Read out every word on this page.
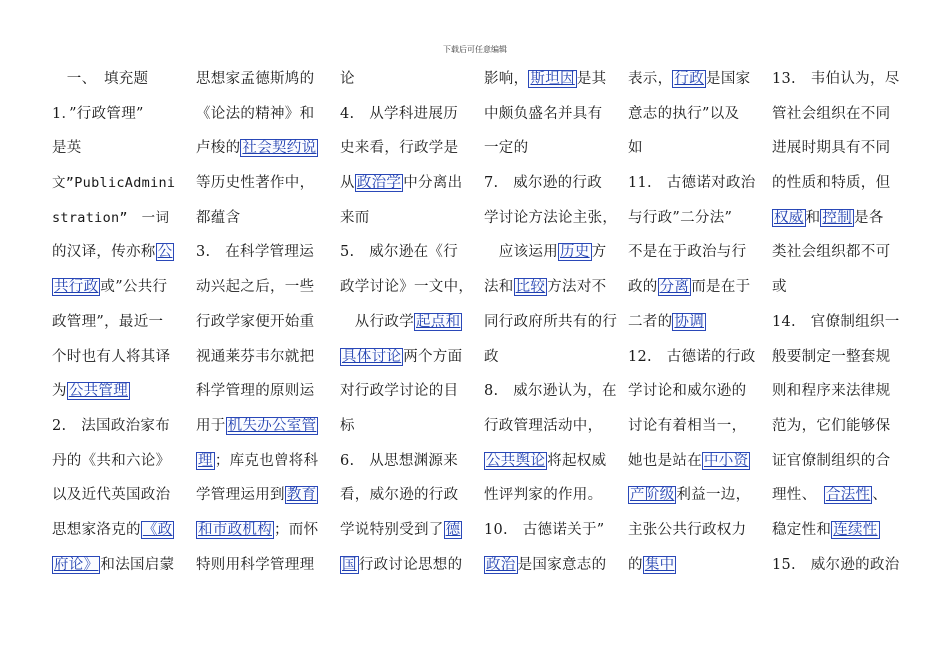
下载后可任意编辑
　一、　填充题
1．”行政管理”
是英
文”PublicAdmini
stration”　一词
的汉译，传亦称 公
共行政 或”公共行
政管理”，最近一
个时也有人将其译
为 公共管理
2.　法国政治家布
丹的《共和六论》
以及近代英国政治
思想家洛克的 《政
府论》 和法国启蒙
思想家孟德斯鸠的
《论法的精神》和
卢梭的 社会契约说
等历史性著作中，
都蕴含
3.　在科学管理运
动兴起之后，一些
行政学家便开始重
视通莱芬韦尔就把
科学管理的原则运
用于 机失办公室管
理 ；库克也曾将科
学管理运用到 教育
和市政机构 ；而怀
特则用科学管理理
论
4.　从学科进展历
史来看，行政学是
从 政治学 中分离出
来而
5.　威尔逊在《行
政学讨论》一文中，
　从行政学 起点和
具体讨论 两个方面
对行政学讨论的目
标
6.　从思想渊源来
看，威尔逊的行政
学说特别受到了 德
国 行政讨论思想的
影响， 斯坦因 是其
中颇负盛名并具有
一定的
7.　威尔逊的行政
学讨论方法论主张，
　应该运用 历史 方
法和 比较 方法对不
同行政府所共有的行
政
8.　威尔逊认为，在
行政管理活动中，
公共舆论 将起权威
性评判家的作用。
10.　古德诺关于”
政治 是国家意志的
表示， 行政 是国家
意志的执行”以及
如
11.　古德诺对政治
与行政”二分法”
不是在于政治与行
政的 分离 而是在于
二者的 协调
12.　古德诺的行政
学讨论和威尔逊的
讨论有着相当一，
她也是站在 中小资
产阶级 利益一边，
主张公共行政权力
的 集中
13.　韦伯认为，尽
管社会组织在不同
进展时期具有不同
的性质和特质，但
权威 和 控制 是各
类社会组织都不可
或
14.　官僚制组织一
般要制定一整套规
则和程序来法律规
范为，它们能够保
证官僚制组织的合
理性、　合法性 、
稳定性和 连续性
15.　威尔逊的政治
